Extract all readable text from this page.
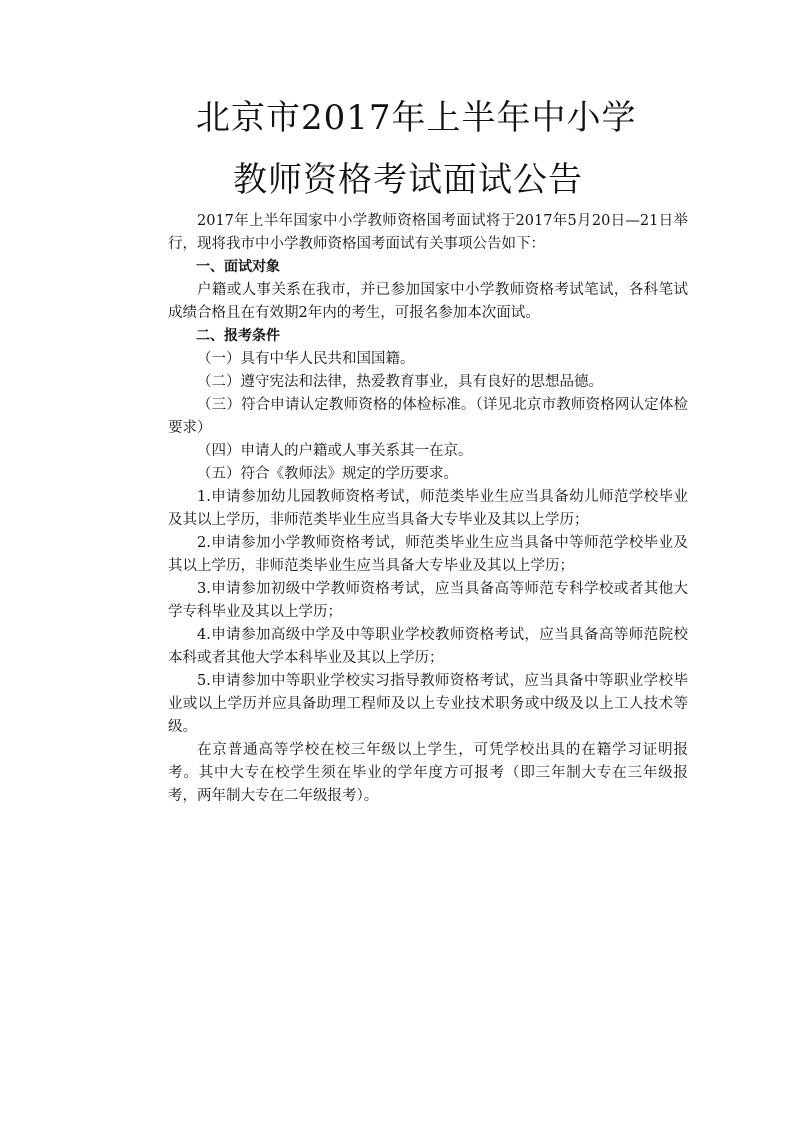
北京市2017年上半年中小学
教师资格考试面试公告

2017年上半年国家中小学教师资格国考面试将于2017年5月20日—21日举行，现将我市中小学教师资格国考面试有关事项公告如下：

一、面试对象

户籍或人事关系在我市，并已参加国家中小学教师资格考试笔试，各科笔试成绩合格且在有效期2年内的考生，可报名参加本次面试。

二、报考条件

（一）具有中华人民共和国国籍。

（二）遵守宪法和法律，热爱教育事业，具有良好的思想品德。

（三）符合申请认定教师资格的体检标准。（详见北京市教师资格网认定体检要求）

（四）申请人的户籍或人事关系其一在京。

（五）符合《教师法》规定的学历要求。

1.申请参加幼儿园教师资格考试，师范类毕业生应当具备幼儿师范学校毕业及其以上学历，非师范类毕业生应当具备大专毕业及其以上学历；

2.申请参加小学教师资格考试，师范类毕业生应当具备中等师范学校毕业及其以上学历，非师范类毕业生应当具备大专毕业及其以上学历；

3.申请参加初级中学教师资格考试，应当具备高等师范专科学校或者其他大学专科毕业及其以上学历；

4.申请参加高级中学及中等职业学校教师资格考试，应当具备高等师范院校本科或者其他大学本科毕业及其以上学历；

5.申请参加中等职业学校实习指导教师资格考试，应当具备中等职业学校毕业或以上学历并应具备助理工程师及以上专业技术职务或中级及以上工人技术等级。

在京普通高等学校在校三年级以上学生，可凭学校出具的在籍学习证明报考。其中大专在校学生须在毕业的学年度方可报考（即三年制大专在三年级报考，两年制大专在二年级报考）。
